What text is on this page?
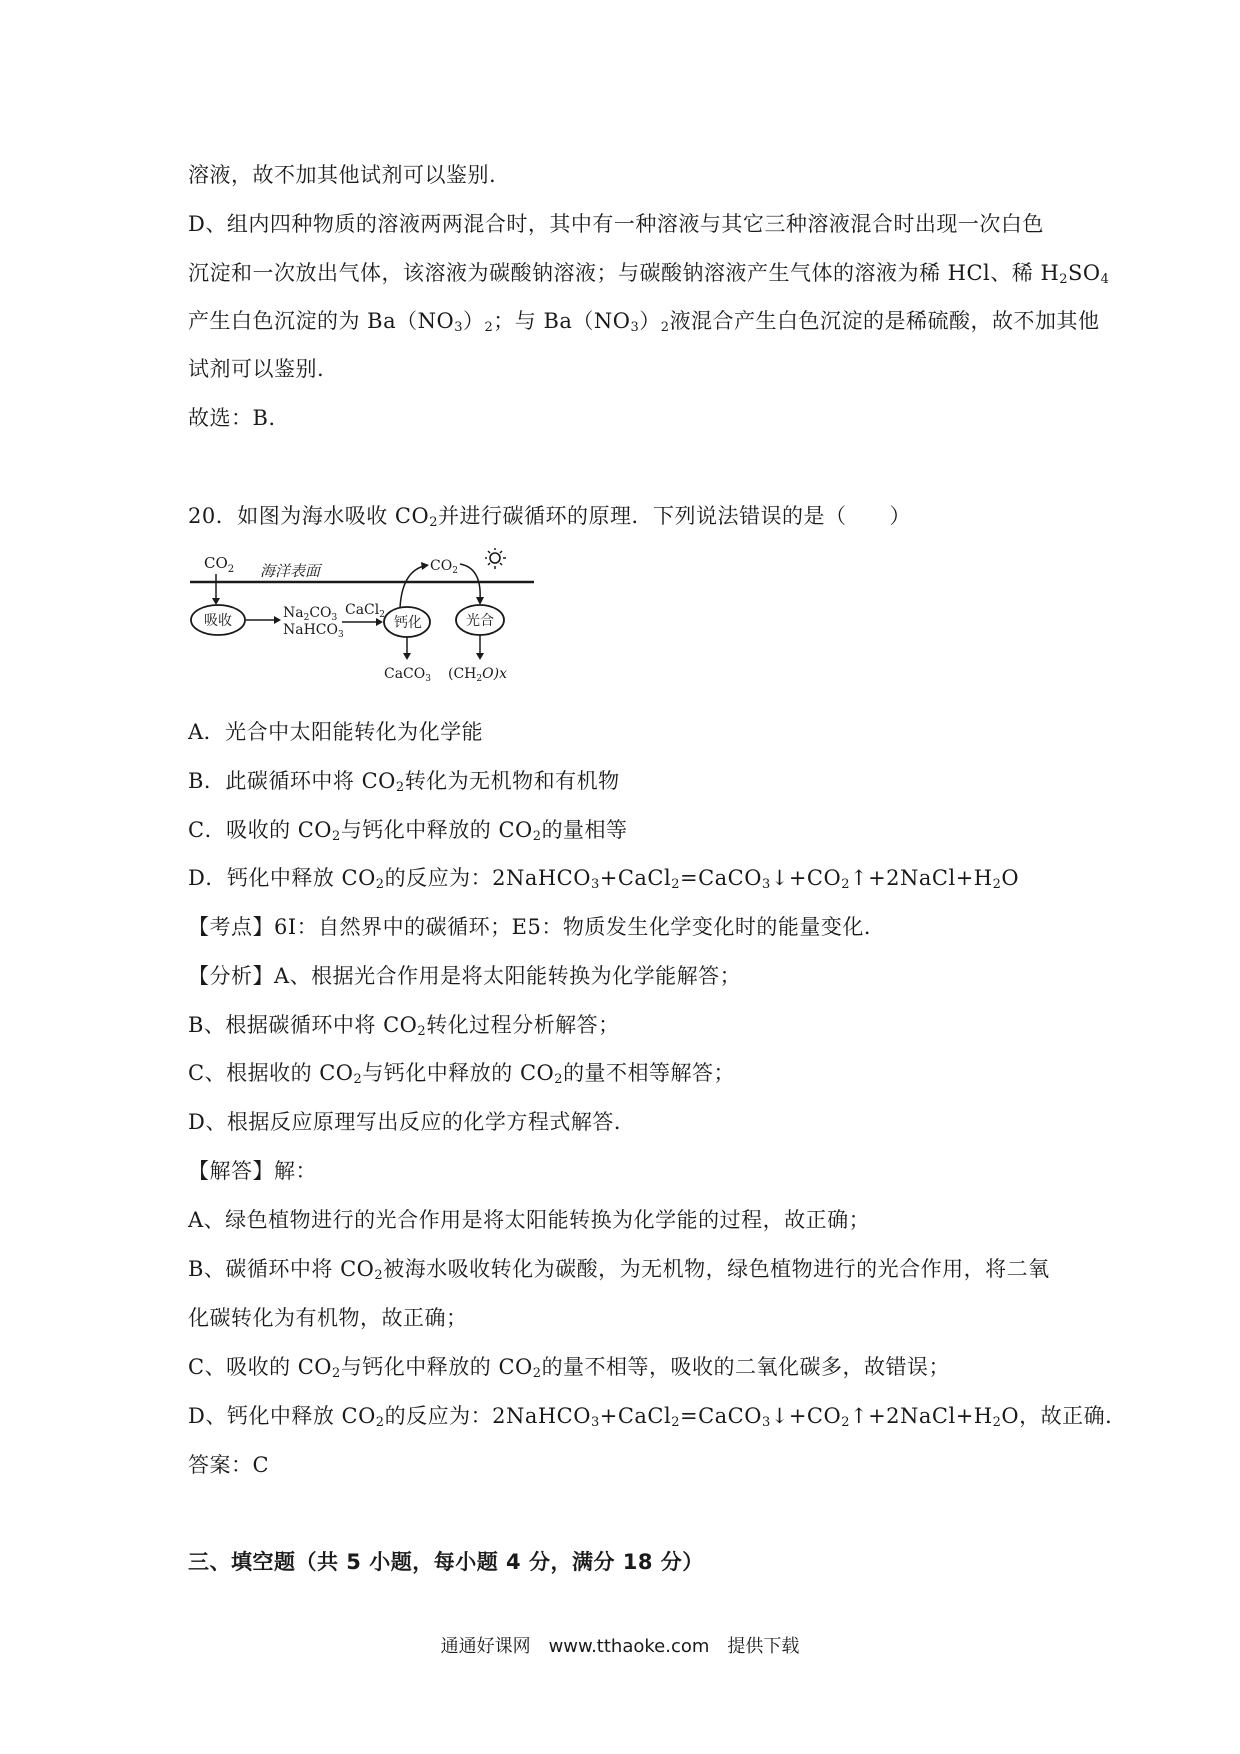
溶液，故不加其他试剂可以鉴别.
D、组内四种物质的溶液两两混合时，其中有一种溶液与其它三种溶液混合时出现一次白色
沉淀和一次放出气体，该溶液为碳酸钠溶液；与碳酸钠溶液产生气体的溶液为稀 HCl、稀 $H_2SO_4$
产生白色沉淀的为 $Ba(NO_3)_2$；与 $Ba(NO_3)_2$液混合产生白色沉淀的是稀硫酸，故不加其他
试剂可以鉴别.
故选：B.
20．如图为海水吸收 $CO_2$并进行碳循环的原理．下列说法错误的是（　　）
海洋表面
$CO_2$
吸收	$Na_2CO_3$
NaHCO$_3$
CaCl$_2$ 钙化
CaCO$_3$
$CO_2$
光合
$(CH_2O)x$
A．光合中太阳能转化为化学能
B．此碳循环中将 $CO_2$转化为无机物和有机物
C．吸收的 $CO_2$与钙化中释放的 $CO_2$的量相等
D．钙化中释放 $CO_2$的反应为：$2NaHCO_3+CaCl_2=CaCO_3↓+CO_2↑+2NaCl+H_2O$
【考点】6I：自然界中的碳循环；E5：物质发生化学变化时的能量变化．
【分析】A、根据光合作用是将太阳能转换为化学能解答；
B、根据碳循环中将 $CO_2$转化过程分析解答；
C、根据收的 $CO_2$与钙化中释放的 $CO_2$的量不相等解答；
D、根据反应原理写出反应的化学方程式解答．
【解答】解：
A、绿色植物进行的光合作用是将太阳能转换为化学能的过程，故正确；
B、碳循环中将 $CO_2$被海水吸收转化为碳酸，为无机物，绿色植物进行的光合作用，将二氧
化碳转化为有机物，故正确；
C、吸收的 $CO_2$与钙化中释放的 $CO_2$的量不相等，吸收的二氧化碳多，故错误；
D、钙化中释放 $CO_2$的反应为：$2NaHCO_3+CaCl_2=CaCO_3↓+CO_2↑+2NaCl+H_2O$，故正确．
答案：C
三、填空题（共 5 小题，每小题 4 分，满分 18 分）
通通好课网　www.tthaoke.com　提供下载
